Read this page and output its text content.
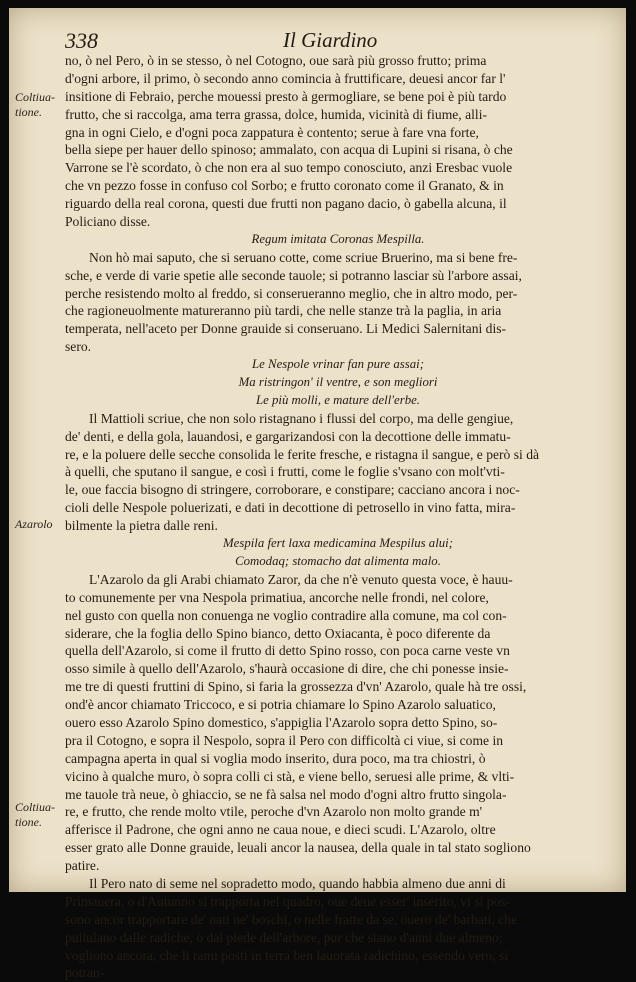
338	Il Giardino
Coltiua-
tione.
Azarolo
Coltiua-
tione.
no, ò nel Pero, ò in se stesso, ò nel Cotogno, oue sarà più grosso frutto; prima
d'ogni arbore, il primo, ò secondo anno comincia à fruttificare, deuesi ancor far l'
insitione di Febraio, perche mouessi presto à germogliare, se bene poi è più tardo
frutto, che si raccolga, ama terra grassa, dolce, humida, vicinità di fiume, alli-
gna in ogni Cielo, e d'ogni poca zappatura è contento; serue à fare vna forte,
bella siepe per hauer dello spinoso; ammalato, con acqua di Lupini si risana, ò che
Varrone se l'è scordato, ò che non era al suo tempo conosciuto, anzi Eresbac vuole
che vn pezzo fosse in confuso col Sorbo; e frutto coronato come il Granato, & in
riguardo della real corona, questi due frutti non pagano dacio, ò gabella alcuna, il
Policiano disse.
Regum imitata Coronas Mespilla.
Non hò mai saputo, che si seruano cotte, come scriue Bruerino, ma si bene fre-
sche, e verde di varie spetie alle seconde tauole; si potranno lasciar sù l'arbore assai,
perche resistendo molto al freddo, si conserueranno meglio, che in altro modo, per-
che ragioneuolmente matureranno più tardi, che nelle stanze trà la paglia, in aria
temperata, nell'aceto per Donne grauide si conseruano. Li Medici Salernitani dis-
sero.
Le Nespole vrinar fan pure assai;
Ma ristringon' il ventre, e son megliori
Le più molli, e mature dell'erbe.
Il Mattioli scriue, che non solo ristagnano i flussi del corpo, ma delle gengiue,
de' denti, e della gola, lauandosi, e gargarizandosi con la decottione delle immatu-
re, e la poluere delle secche consolida le ferite fresche, e ristagna il sangue, e però si dà
à quelli, che sputano il sangue, e così i frutti, come le foglie s'vsano con molt'vti-
le, oue faccia bisogno di stringere, corroborare, e constipare; cacciano ancora i noc-
cioli delle Nespole poluerizati, e dati in decottione di petrosello in vino fatta, mira-
bilmente la pietra dalle reni.
Mespila fert laxa medicamina Mespilus alui;
Comodaq; stomacho dat alimenta malo.
L'Azarolo da gli Arabi chiamato Zaror, da che n'è venuto questa voce, è hauu-
to comunemente per vna Nespola primatiua, ancorche nelle frondi, nel colore,
nel gusto con quella non conuenga ne voglio contradire alla comune, ma col con-
siderare, che la foglia dello Spino bianco, detto Oxiacanta, è poco diferente da
quella dell'Azarolo, si come il frutto di detto Spino rosso, con poca carne veste vn
osso simile à quello dell'Azarolo, s'haurà occasione di dire, che chi ponesse insie-
me tre di questi fruttini di Spino, si faria la grossezza d'vn' Azarolo, quale hà tre ossi,
ond'è ancor chiamato Triccoco, e si potria chiamare lo Spino Azarolo saluatico,
ouero esso Azarolo Spino domestico, s'appiglia l'Azarolo sopra detto Spino, so-
pra il Cotogno, e sopra il Nespolo, sopra il Pero con difficoltà ci viue, si come in
campagna aperta in qual si voglia modo inserito, dura poco, ma tra chiostri, ò
vicino à qualche muro, ò sopra colli ci stà, e viene bello, seruesi alle prime, & vlti-
me tauole trà neue, ò ghiaccio, se ne fà salsa nel modo d'ogni altro frutto singola-
re, e frutto, che rende molto vtile, peroche d'vn Azarolo non molto grande m'
afferisce il Padrone, che ogni anno ne caua noue, e dieci scudi. L'Azarolo, oltre
esser grato alle Donne grauide, leuali ancor la nausea, della quale in tal stato sogliono
patire.
Il Pero nato di seme nel sopradetto modo, quando habbia almeno due anni di
Primauera, o d'Autunno si trapporta nel quadro, oue deue esser' inserito, vi si pos-
sono ancor trapportare de' nati ne' boschi, o nelle fratte da se, ouero de' barbati, che
pullulano dalle radiche, ò dal piede dell'arbore, pur che siano d'anni due almeno;
vogliono ancora, che li rami posti in terra ben lauorata radichino, essendo vero, si
potran-
